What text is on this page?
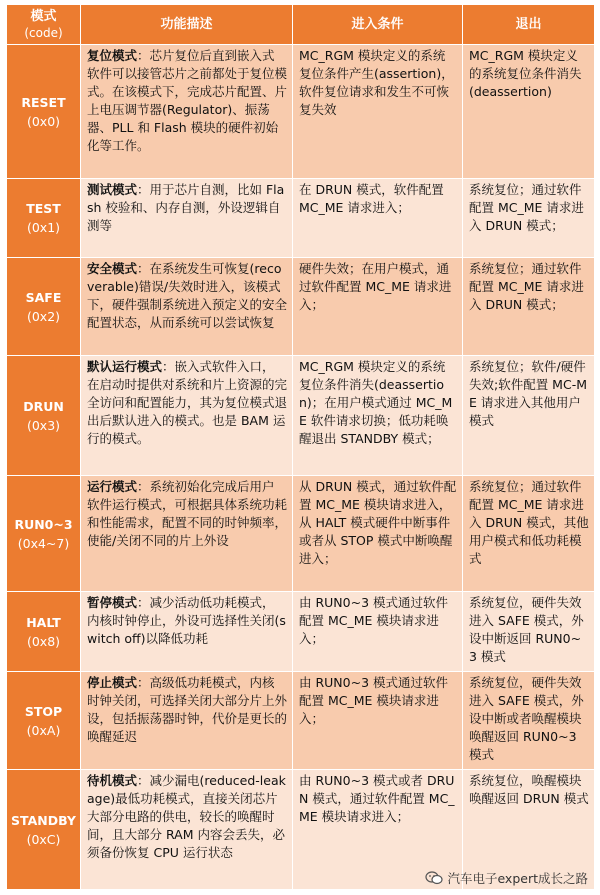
模式
(code)	功能描述	进入条件	退出
RESET
(0x0)	复位模式：芯片复位后直到嵌入式软件可以接管芯片之前都处于复位模式。在该模式下，完成芯片配置、片上电压调节器(Regulator)、振荡器、PLL 和 Flash 模块的硬件初始化等工作。	MC_RGM 模块定义的系统复位条件产生(assertion)，软件复位请求和发生不可恢复失效	MC_RGM 模块定义的系统复位条件消失(deassertion)
TEST
(0x1)	测试模式：用于芯片自测，比如 Flash 校验和、内存自测，外设逻辑自测等	在 DRUN 模式，软件配置 MC_ME 请求进入；	系统复位；通过软件配置 MC_ME 请求进入 DRUN 模式；
SAFE
(0x2)	安全模式：在系统发生可恢复(recoverable)错误/失效时进入，该模式下，硬件强制系统进入预定义的安全配置状态，从而系统可以尝试恢复	硬件失效；在用户模式，通过软件配置 MC_ME 请求进入；	系统复位；通过软件配置 MC_ME 请求进入 DRUN 模式；
DRUN
(0x3)	默认运行模式：嵌入式软件入口，在启动时提供对系统和片上资源的完全访问和配置能力，其为复位模式退出后默认进入的模式。也是 BAM 运行的模式。	MC_RGM 模块定义的系统复位条件消失(deassertion)；在用户模式通过 MC_ME 软件请求切换；低功耗唤醒退出 STANDBY 模式；	系统复位；软件/硬件失效;软件配置 MC-ME 请求进入其他用户模式
RUN0~3
(0x4~7)	运行模式：系统初始化完成后用户软件运行模式，可根据具体系统功耗和性能需求，配置不同的时钟频率，使能/关闭不同的片上外设	从 DRUN 模式，通过软件配置 MC_ME 模块请求进入，从 HALT 模式硬件中断事件或者从 STOP 模式中断唤醒进入；	系统复位；通过软件配置 MC_ME 请求进入 DRUN 模式，其他用户模式和低功耗模式
HALT
(0x8)	暂停模式：减少活动低功耗模式，内核时钟停止，外设可选择性关闭(switch off)以降低功耗	由 RUN0~3 模式通过软件配置 MC_ME 模块请求进入；	系统复位，硬件失效进入 SAFE 模式，外设中断返回 RUN0~3 模式
STOP
(0xA)	停止模式：高级低功耗模式，内核时钟关闭，可选择关闭大部分片上外设，包括振荡器时钟，代价是更长的唤醒延迟	由 RUN0~3 模式通过软件配置 MC_ME 模块请求进入；	系统复位，硬件失效进入 SAFE 模式，外设中断或者唤醒模块唤醒返回 RUN0~3 模式
STANDBY
(0xC)	待机模式：减少漏电(reduced-leakage)最低功耗模式，直接关闭芯片大部分电路的供电，较长的唤醒时间，且大部分 RAM 内容会丢失，必须备份恢复 CPU 运行状态	由 RUN0~3 模式或者 DRUN 模式，通过软件配置 MC_ME 模块请求进入；	系统复位，唤醒模块唤醒返回 DRUN 模式
汽车电子expert成长之路
